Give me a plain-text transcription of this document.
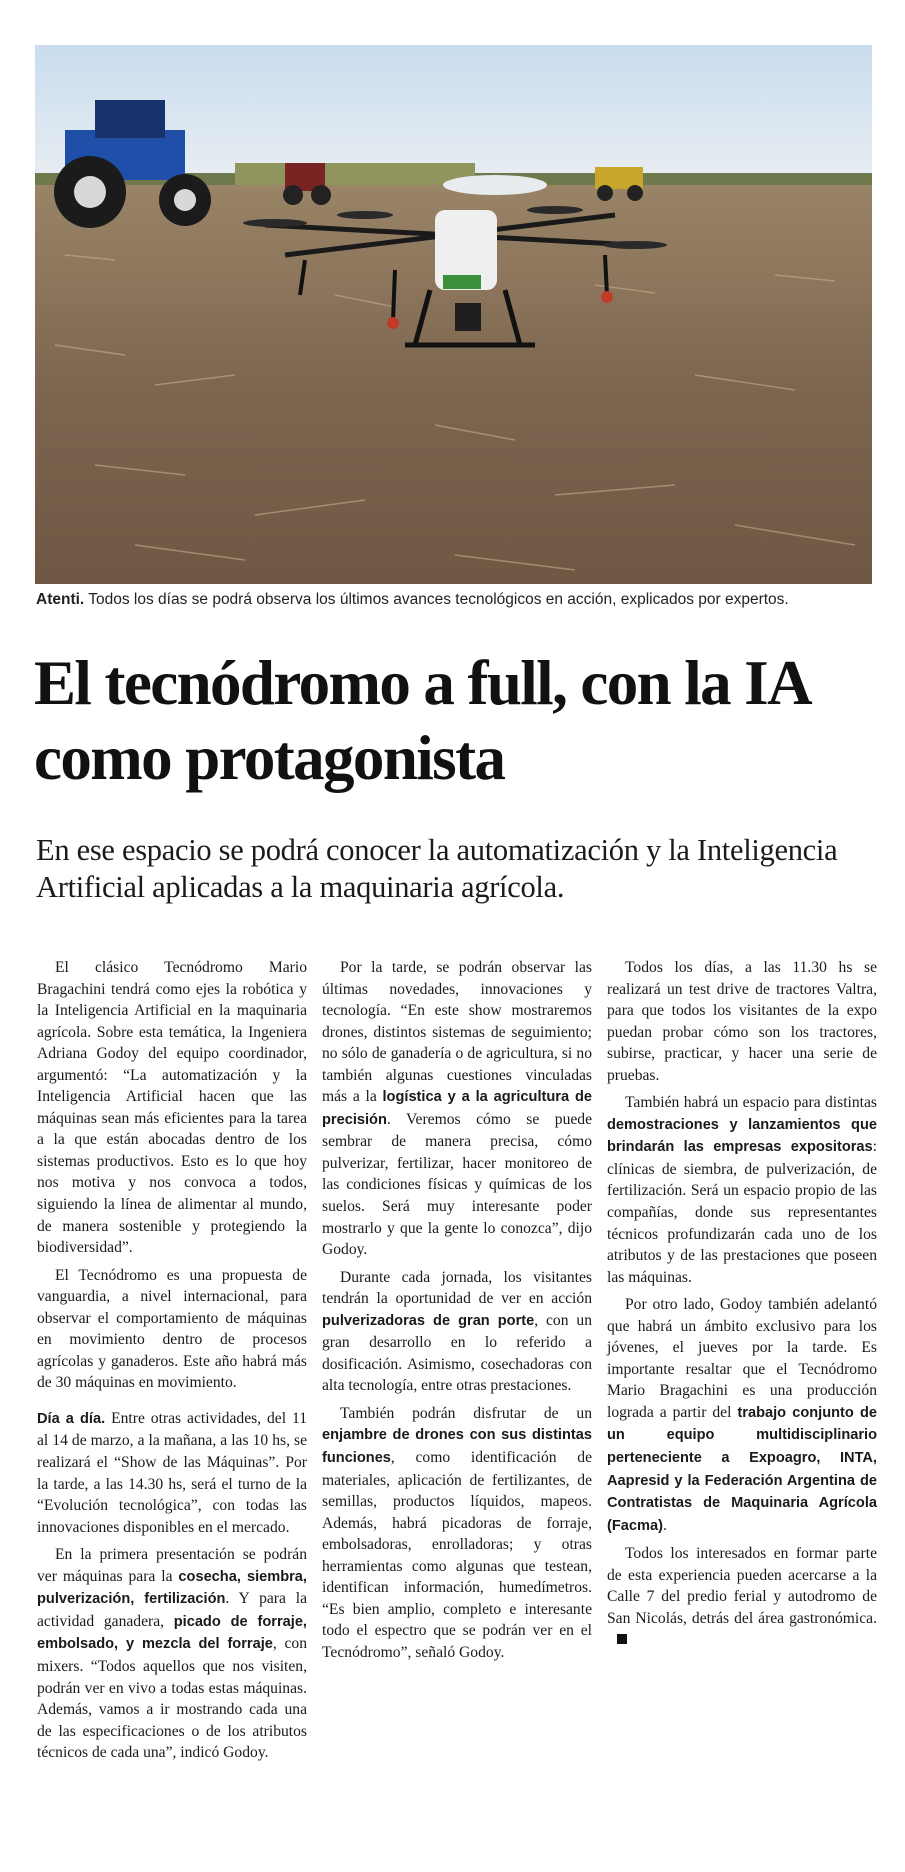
Atenti. Todos los días se podrá observa los últimos avances tecnológicos en acción, explicados por expertos.
El tecnódromo a full, con la IA como protagonista

En ese espacio se podrá conocer la automatización y la Inteligencia Artificial aplicadas a la maquinaria agrícola.

El clásico Tecnódromo Mario Bragachini tendrá como ejes la robótica y la Inteligencia Artificial en la maquinaria agrícola. Sobre esta temática, la Ingeniera Adriana Godoy del equipo coordinador, argumentó: “La automatización y la Inteligencia Artificial hacen que las máquinas sean más eficientes para la tarea a la que están abocadas dentro de los sistemas productivos. Esto es lo que hoy nos motiva y nos convoca a todos, siguiendo la línea de alimentar al mundo, de manera sostenible y protegiendo la biodiversidad”.

El Tecnódromo es una propuesta de vanguardia, a nivel internacional, para observar el comportamiento de máquinas en movimiento dentro de procesos agrícolas y ganaderos. Este año habrá más de 30 máquinas en movimiento.

Día a día. Entre otras actividades, del 11 al 14 de marzo, a la mañana, a las 10 hs, se realizará el “Show de las Máquinas”. Por la tarde, a las 14.30 hs, será el turno de la “Evolución tecnológica”, con todas las innovaciones disponibles en el mercado.

En la primera presentación se podrán ver máquinas para la cosecha, siembra, pulverización, fertilización. Y para la actividad ganadera, picado de forraje, embolsado, y mezcla del forraje, con mixers. “Todos aquellos que nos visiten, podrán ver en vivo a todas estas máquinas. Además, vamos a ir mostrando cada una de las especificaciones o de los atributos técnicos de cada una”, indicó Godoy.

Por la tarde, se podrán observar las últimas novedades, innovaciones y tecnología. “En este show mostraremos drones, distintos sistemas de seguimiento; no sólo de ganadería o de agricultura, si no también algunas cuestiones vinculadas más a la logística y a la agricultura de precisión. Veremos cómo se puede sembrar de manera precisa, cómo pulverizar, fertilizar, hacer monitoreo de las condiciones físicas y químicas de los suelos. Será muy interesante poder mostrarlo y que la gente lo conozca”, dijo Godoy.

Durante cada jornada, los visitantes tendrán la oportunidad de ver en acción pulverizadoras de gran porte, con un gran desarrollo en lo referido a dosificación. Asimismo, cosechadoras con alta tecnología, entre otras prestaciones.

También podrán disfrutar de un enjambre de drones con sus distintas funciones, como identificación de materiales, aplicación de fertilizantes, de semillas, productos líquidos, mapeos. Además, habrá picadoras de forraje, embolsadoras, enrolladoras; y otras herramientas como algunas que testean, identifican información, humedímetros. “Es bien amplio, completo e interesante todo el espectro que se podrán ver en el Tecnódromo”, señaló Godoy.

Todos los días, a las 11.30 hs se realizará un test drive de tractores Valtra, para que todos los visitantes de la expo puedan probar cómo son los tractores, subirse, practicar, y hacer una serie de pruebas.

También habrá un espacio para distintas demostraciones y lanzamientos que brindarán las empresas expositoras: clínicas de siembra, de pulverización, de fertilización. Será un espacio propio de las compañías, donde sus representantes técnicos profundizarán cada uno de los atributos y de las prestaciones que poseen las máquinas.

Por otro lado, Godoy también adelantó que habrá un ámbito exclusivo para los jóvenes, el jueves por la tarde. Es importante resaltar que el Tecnódromo Mario Bragachini es una producción lograda a partir del trabajo conjunto de un equipo multidisciplinario perteneciente a Expoagro, INTA, Aapresid y la Federación Argentina de Contratistas de Maquinaria Agrícola (Facma).

Todos los interesados en formar parte de esta experiencia pueden acercarse a la Calle 7 del predio ferial y autodromo de San Nicolás, detrás del área gastronómica.
